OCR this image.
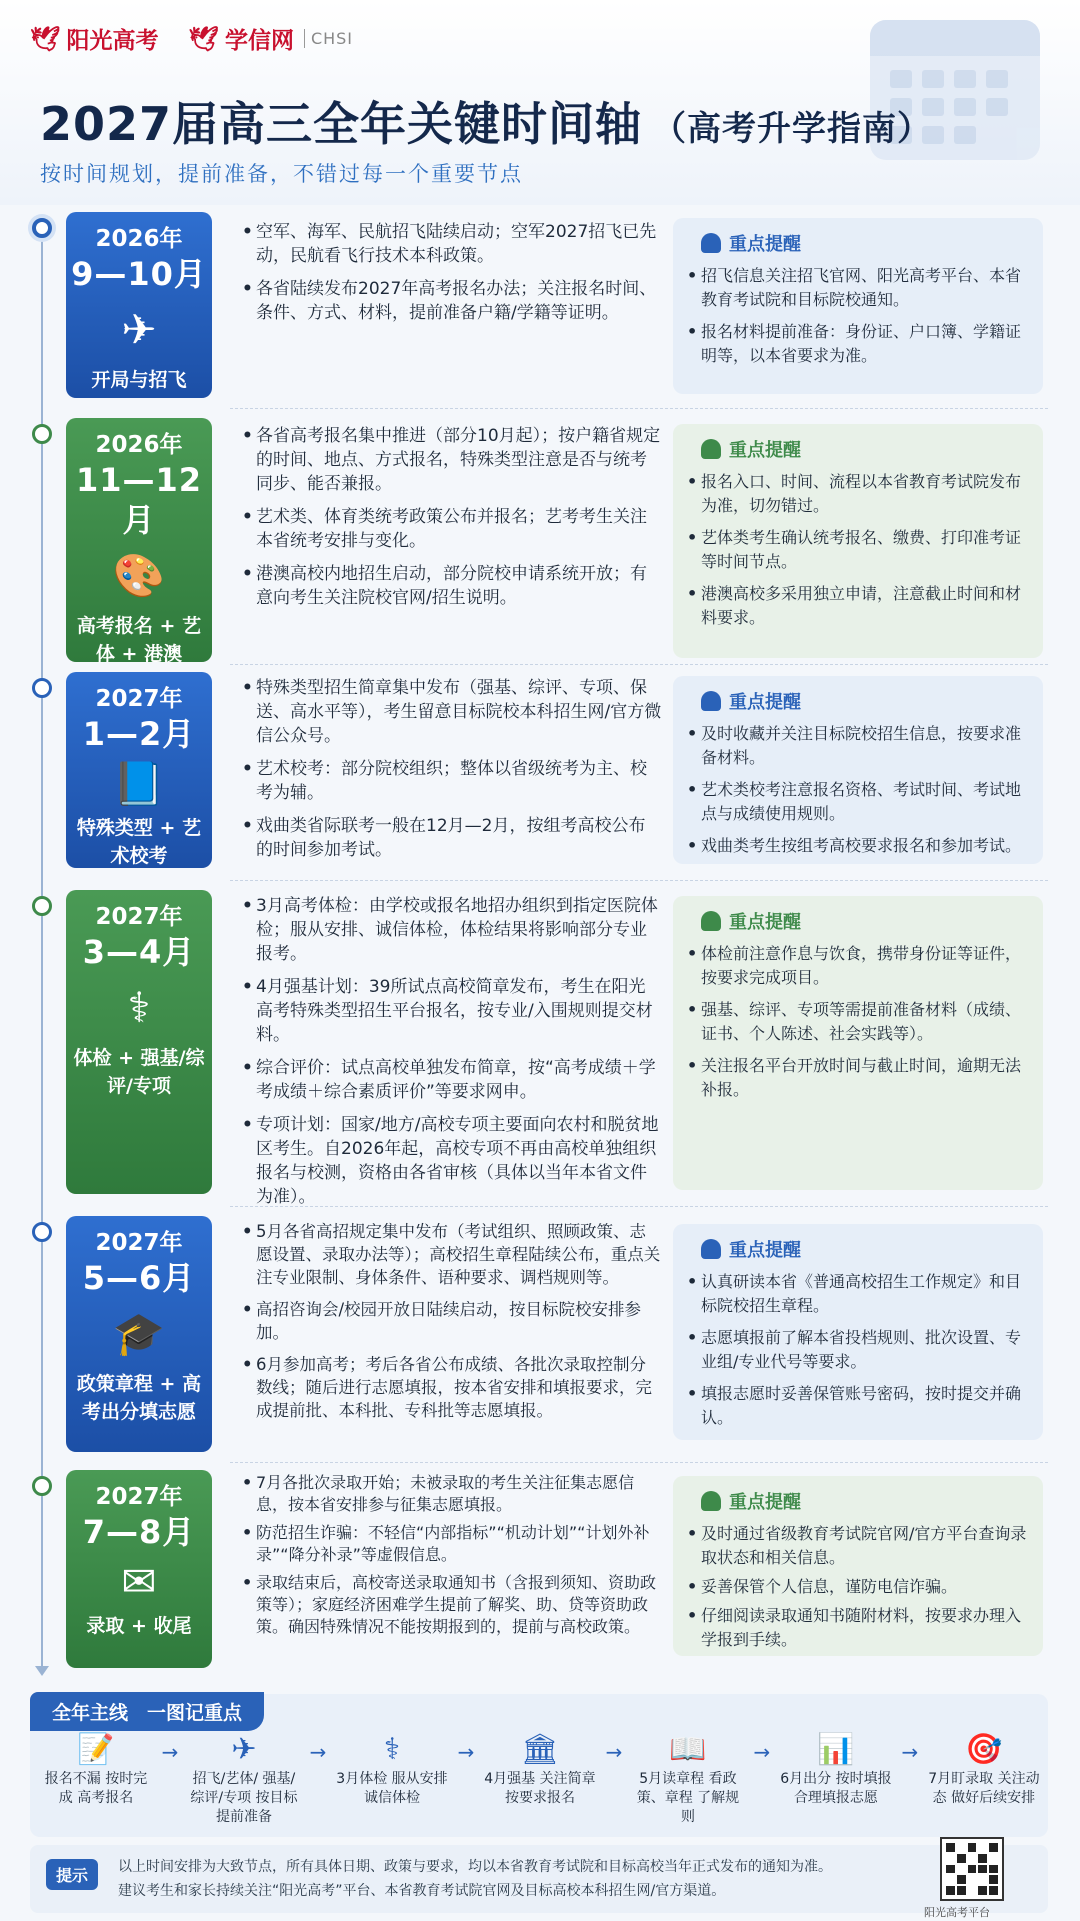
🕊 阳光高考 🕊 学信网	CHSI
2027届高三全年关键时间轴 （高考升学指南）
按时间规划，提前准备，不错过每一个重要节点
2026年
9—10月
✈
开局与招飞
• 空军、海军、民航招飞陆续启动；空军2027招飞已先动，民航看飞行技术本科政策。
• 各省陆续发布2027年高考报名办法；关注报名时间、条件、方式、材料，提前准备户籍/学籍等证明。
重点提醒
• 招飞信息关注招飞官网、阳光高考平台、本省教育考试院和目标院校通知。
• 报名材料提前准备：身份证、户口簿、学籍证明等，以本省要求为准。
2026年
11—12月
🎨
高考报名 + 艺体 + 港澳
• 各省高考报名集中推进（部分10月起）；按户籍省规定的时间、地点、方式报名，特殊类型注意是否与统考同步、能否兼报。
• 艺术类、体育类统考政策公布并报名；艺考考生关注本省统考安排与变化。
• 港澳高校内地招生启动，部分院校申请系统开放；有意向考生关注院校官网/招生说明。
重点提醒
• 报名入口、时间、流程以本省教育考试院发布为准，切勿错过。
• 艺体类考生确认统考报名、缴费、打印准考证等时间节点。
• 港澳高校多采用独立申请，注意截止时间和材料要求。
2027年
1—2月
📘
特殊类型 + 艺术校考
• 特殊类型招生简章集中发布（强基、综评、专项、保送、高水平等），考生留意目标院校本科招生网/官方微信公众号。
• 艺术校考：部分院校组织；整体以省级统考为主、校考为辅。
• 戏曲类省际联考一般在12月—2月，按组考高校公布的时间参加考试。
重点提醒
• 及时收藏并关注目标院校招生信息，按要求准备材料。
• 艺术类校考注意报名资格、考试时间、考试地点与成绩使用规则。
• 戏曲类考生按组考高校要求报名和参加考试。
2027年
3—4月
⚕
体检 + 强基/综评/专项
• 3月高考体检：由学校或报名地招办组织到指定医院体检；服从安排、诚信体检，体检结果将影响部分专业报考。
• 4月强基计划：39所试点高校简章发布，考生在阳光高考特殊类型招生平台报名，按专业/入围规则提交材料。
• 综合评价：试点高校单独发布简章，按“高考成绩＋学考成绩＋综合素质评价”等要求网申。
• 专项计划：国家/地方/高校专项主要面向农村和脱贫地区考生。自2026年起，高校专项不再由高校单独组织报名与校测，资格由各省审核（具体以当年本省文件为准）。
重点提醒
• 体检前注意作息与饮食，携带身份证等证件，按要求完成项目。
• 强基、综评、专项等需提前准备材料（成绩、证书、个人陈述、社会实践等）。
• 关注报名平台开放时间与截止时间，逾期无法补报。
2027年
5—6月
🎓
政策章程 + 高考出分填志愿
• 5月各省高招规定集中发布（考试组织、照顾政策、志愿设置、录取办法等）；高校招生章程陆续公布，重点关注专业限制、身体条件、语种要求、调档规则等。
• 高招咨询会/校园开放日陆续启动，按目标院校安排参加。
• 6月参加高考；考后各省公布成绩、各批次录取控制分数线；随后进行志愿填报，按本省安排和填报要求，完成提前批、本科批、专科批等志愿填报。
重点提醒
• 认真研读本省《普通高校招生工作规定》和目标院校招生章程。
• 志愿填报前了解本省投档规则、批次设置、专业组/专业代号等要求。
• 填报志愿时妥善保管账号密码，按时提交并确认。
2027年
7—8月
✉
录取 + 收尾
• 7月各批次录取开始；未被录取的考生关注征集志愿信息，按本省安排参与征集志愿填报。
• 防范招生诈骗：不轻信“内部指标”“机动计划”“计划外补录”“降分补录”等虚假信息。
• 录取结束后，高校寄送录取通知书（含报到须知、资助政策等）；家庭经济困难学生提前了解奖、助、贷等资助政策。确因特殊情况不能按期报到的，提前与高校政策。
重点提醒
• 及时通过省级教育考试院官网/官方平台查询录取状态和相关信息。
• 妥善保管个人信息，谨防电信诈骗。
• 仔细阅读录取通知书随附材料，按要求办理入学报到手续。
全年主线　一图记重点
📝
报名不漏 按时完成 高考报名
→	✈
招飞/艺体/ 强基/综评/专项 按目标提前准备
→	⚕
3月体检 服从安排 诚信体检
→	🏛
4月强基 关注简章 按要求报名
→	📖
5月读章程 看政策、章程 了解规则
→	📊
6月出分 按时填报 合理填报志愿
→	🎯
7月盯录取 关注动态 做好后续安排
提示	以上时间安排为大致节点，所有具体日期、政策与要求，均以本省教育考试院和目标高校当年正式发布的通知为准。
建议考生和家长持续关注“阳光高考”平台、本省教育考试院官网及目标高校本科招生网/官方渠道。
阳光高考平台
